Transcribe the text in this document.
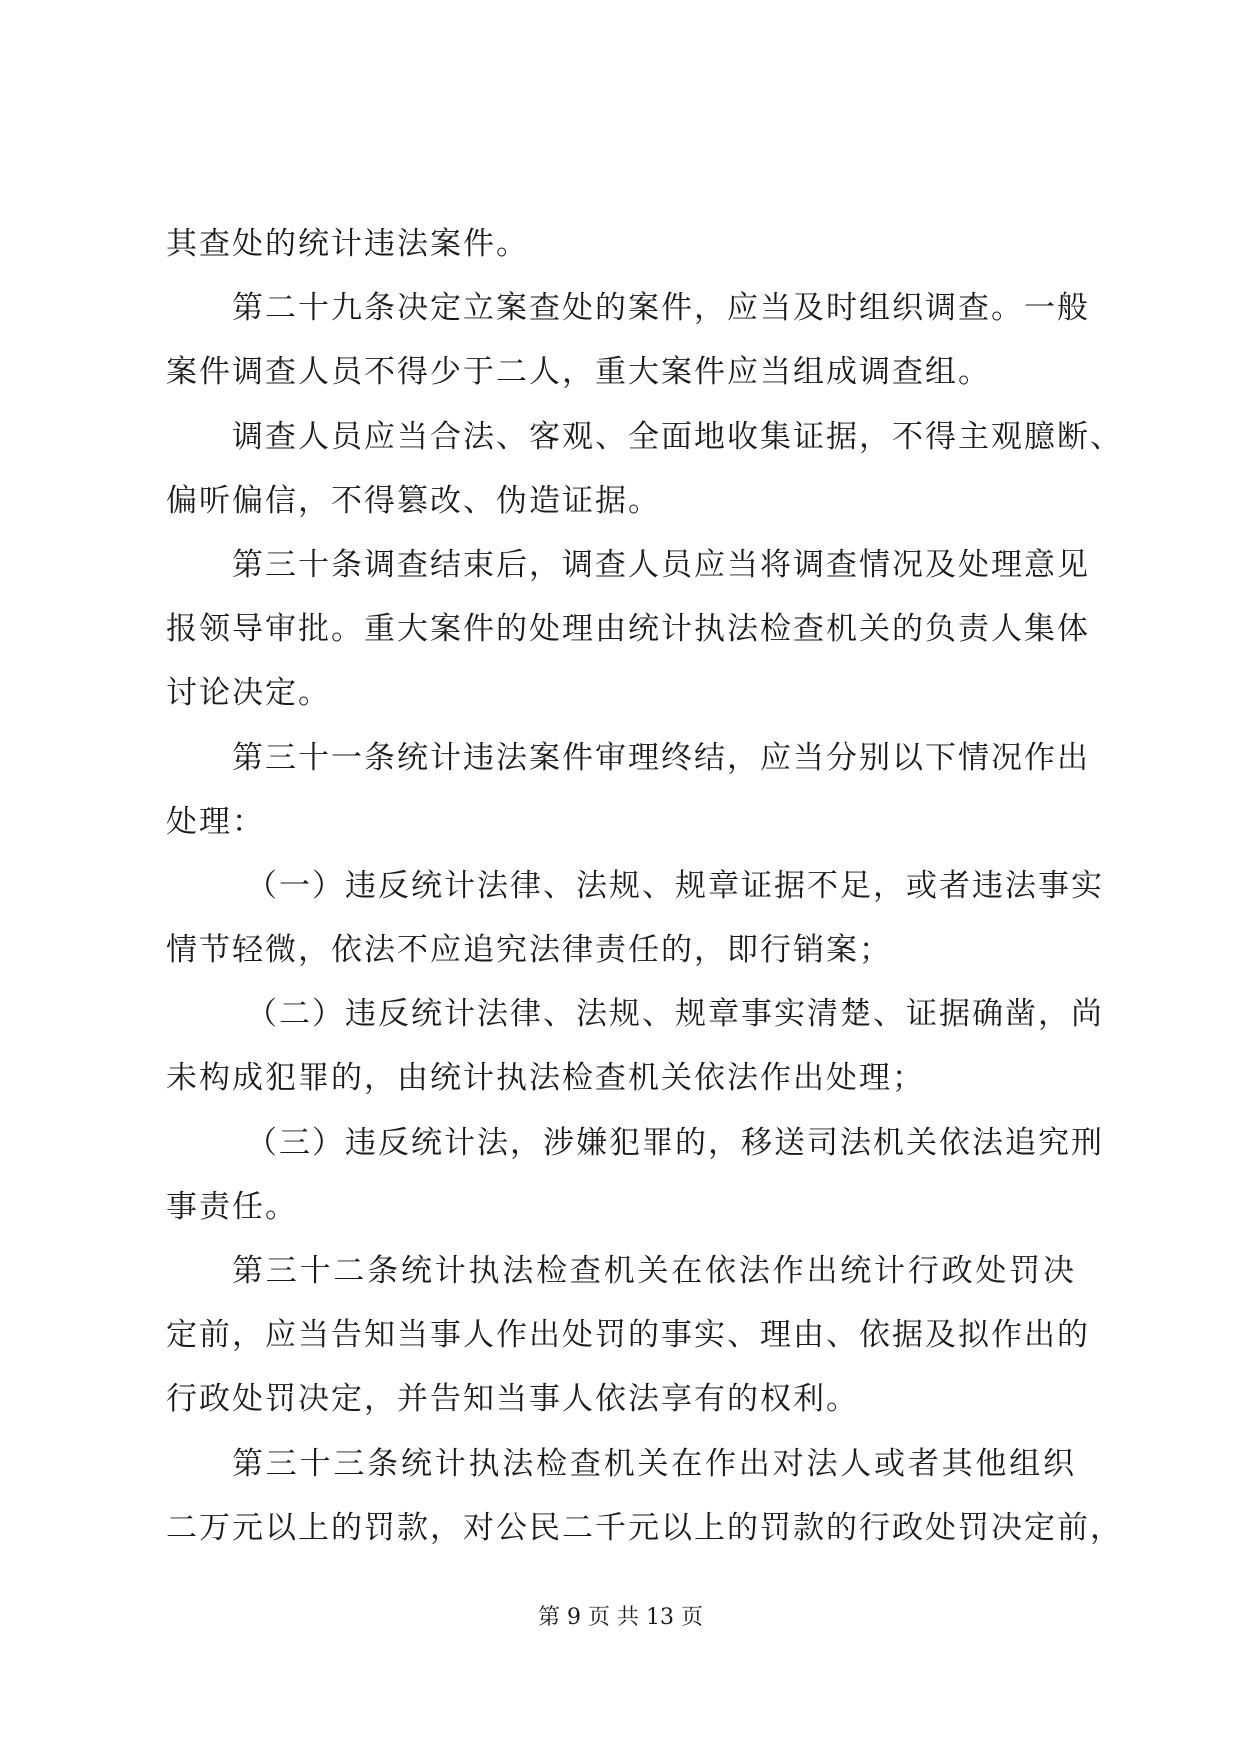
其查处的统计违法案件。
第二十九条决定立案查处的案件，应当及时组织调查。一般
案件调查人员不得少于二人，重大案件应当组成调查组。
调查人员应当合法、客观、全面地收集证据，不得主观臆断、
偏听偏信，不得篡改、伪造证据。
第三十条调查结束后，调查人员应当将调查情况及处理意见
报领导审批。重大案件的处理由统计执法检查机关的负责人集体
讨论决定。
第三十一条统计违法案件审理终结，应当分别以下情况作出
处理：
（一）违反统计法律、法规、规章证据不足，或者违法事实
情节轻微，依法不应追究法律责任的，即行销案；
（二）违反统计法律、法规、规章事实清楚、证据确凿，尚
未构成犯罪的，由统计执法检查机关依法作出处理；
（三）违反统计法，涉嫌犯罪的，移送司法机关依法追究刑
事责任。
第三十二条统计执法检查机关在依法作出统计行政处罚决
定前，应当告知当事人作出处罚的事实、理由、依据及拟作出的
行政处罚决定，并告知当事人依法享有的权利。
第三十三条统计执法检查机关在作出对法人或者其他组织
二万元以上的罚款，对公民二千元以上的罚款的行政处罚决定前，
第 9 页 共 13 页
